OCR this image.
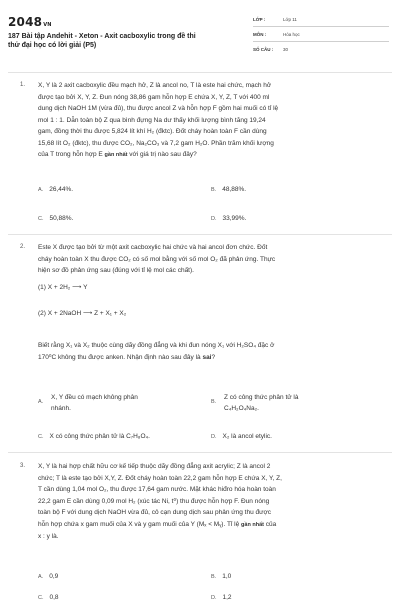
2048VN
187 Bài tập Andehit - Xeton - Axit cacboxylic trong đề thi
thử đại học có lời giải (P5)
LỚP :	Lớp 11
MÔN :	Hóa học
SỐ CÂU : 30
1. X, Y là 2 axit cacboxylic đều mạch hở, Z là ancol no, T là este hai chức, mạch hở
được tạo bởi X, Y, Z. Đun nóng 38,86 gam hỗn hợp E chứa X, Y, Z, T với 400 ml
dung dịch NaOH 1M (vừa đủ), thu được ancol Z và hỗn hợp F gồm hai muối có tỉ lệ
mol 1 : 1. Dẫn toàn bộ Z qua bình đựng Na dư thấy khối lượng bình tăng 19,24
gam, đồng thời thu được 5,824 lít khí H₂ (đktc). Đốt cháy hoàn toàn F cần dùng
15,68 lít O₂ (đktc), thu được CO₂, Na₂CO₃ và 7,2 gam H₂O. Phần trăm khối lượng
của T trong hỗn hợp E gần nhất với giá trị nào sau đây?
A. 26,44%.	B. 48,88%.
C. 50,88%.	D. 33,99%.
2. Este X được tạo bởi từ một axit cacboxylic hai chức và hai ancol đơn chức. Đốt
cháy hoàn toàn X thu được CO₂ có số mol bằng với số mol O₂ đã phản ứng. Thực
hiện sơ đồ phản ứng sau (đúng với tỉ lệ mol các chất).
(1) X + 2H₂ ⟶ Y
(2) X + 2NaOH ⟶ Z + X₁ + X₂
Biết rằng X₁ và X₂ thuộc cùng dãy đồng đẳng và khi đun nóng X₁ với H₂SO₄ đặc ở
170⁰C không thu được anken. Nhận định nào sau đây là sai?
A.
X, Y đều có mạch không phân
nhánh.
B.
Z có công thức phân tử là
C₄H₂O₄Na₂.
C. X có công thức phân tử là C₇H₈O₄.	D. X₂ là ancol etylic.
3. X, Y là hai hợp chất hữu cơ kế tiếp thuộc dãy đồng đẳng axit acrylic; Z là ancol 2
chức; T là este tạo bởi X,Y, Z. Đốt cháy hoàn toàn 22,2 gam hỗn hợp E chứa X, Y, Z,
T cần dùng 1,04 mol O₂, thu được 17,64 gam nước. Mặt khác hiđro hóa hoàn toàn
22,2 gam E cần dùng 0,09 mol H₂ (xúc tác Ni, t⁰) thu được hỗn hợp F. Đun nóng
toàn bộ F với dung dịch NaOH vừa đủ, cô cạn dung dịch sau phản ứng thu được
hỗn hợp chứa x gam muối của X và y gam muối của Y (Mₓ < Mᵧ). Tỉ lệ gần nhất của
x : y là.
A. 0,9	B. 1,0
C. 0,8	D. 1,2
